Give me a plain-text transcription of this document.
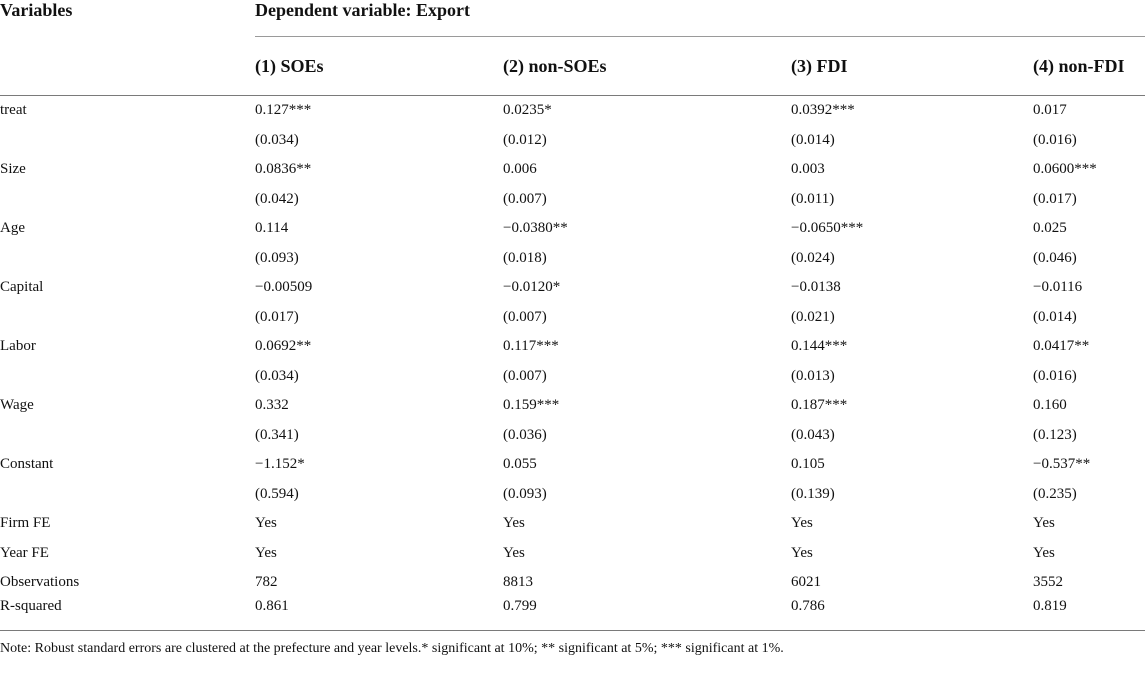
Variables	Dependent variable: Export			
	(1) SOEs	(2) non-SOEs	(3) FDI	(4) non-FDI

treat	0.127***	0.0235*	0.0392***	0.017
	(0.034)	(0.012)	(0.014)	(0.016)
Size	0.0836**	0.006	0.003	0.0600***
	(0.042)	(0.007)	(0.011)	(0.017)
Age	0.114	−0.0380**	−0.0650***	0.025
	(0.093)	(0.018)	(0.024)	(0.046)
Capital	−0.00509	−0.0120*	−0.0138	−0.0116
	(0.017)	(0.007)	(0.021)	(0.014)
Labor	0.0692**	0.117***	0.144***	0.0417**
	(0.034)	(0.007)	(0.013)	(0.016)
Wage	0.332	0.159***	0.187***	0.160
	(0.341)	(0.036)	(0.043)	(0.123)
Constant	−1.152*	0.055	0.105	−0.537**
	(0.594)	(0.093)	(0.139)	(0.235)
Firm FE	Yes	Yes	Yes	Yes
Year FE	Yes	Yes	Yes	Yes
Observations	782	8813	6021	3552
R-squared	0.861	0.799	0.786	0.819
Note: Robust standard errors are clustered at the prefecture and year levels.* significant at 10%; ** significant at 5%; *** significant at 1%.
